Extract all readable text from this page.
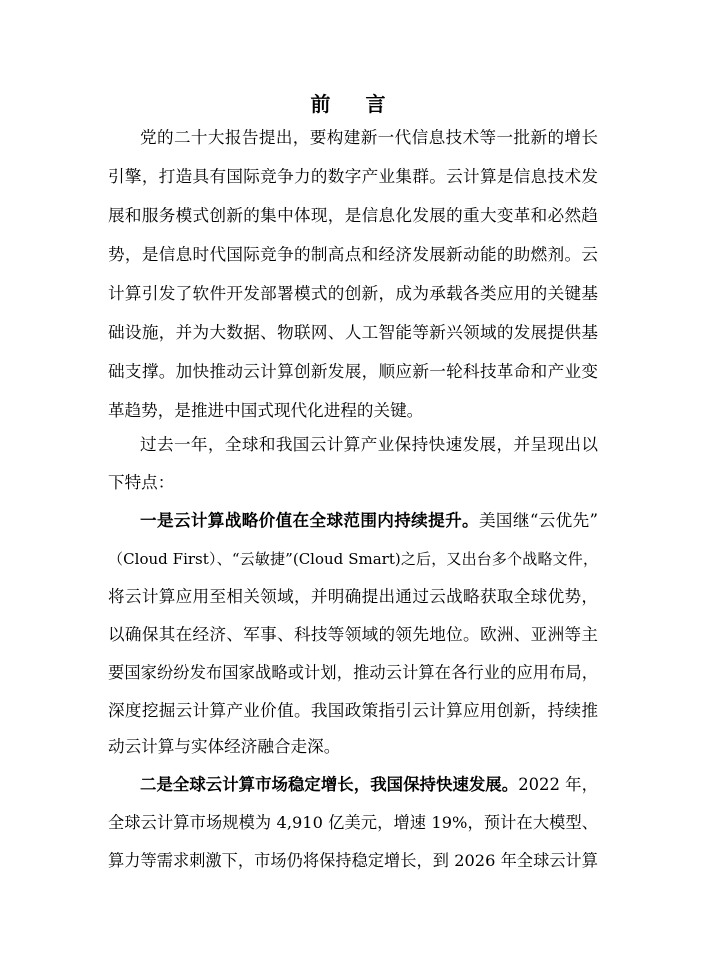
前 言
党的二十大报告提出，要构建新一代信息技术等一批新的增长
引擎，打造具有国际竞争力的数字产业集群。云计算是信息技术发
展和服务模式创新的集中体现，是信息化发展的重大变革和必然趋
势，是信息时代国际竞争的制高点和经济发展新动能的助燃剂。云
计算引发了软件开发部署模式的创新，成为承载各类应用的关键基
础设施，并为大数据、物联网、人工智能等新兴领域的发展提供基
础支撑。加快推动云计算创新发展，顺应新一轮科技革命和产业变
革趋势，是推进中国式现代化进程的关键。
过去一年，全球和我国云计算产业保持快速发展，并呈现出以
下特点：
一是云计算战略价值在全球范围内持续提升。美国继“云优先”
（Cloud First）、“云敏捷”(Cloud Smart)之后，又出台多个战略文件，
将云计算应用至相关领域，并明确提出通过云战略获取全球优势，
以确保其在经济、军事、科技等领域的领先地位。欧洲、亚洲等主
要国家纷纷发布国家战略或计划，推动云计算在各行业的应用布局，
深度挖掘云计算产业价值。我国政策指引云计算应用创新，持续推
动云计算与实体经济融合走深。
二是全球云计算市场稳定增长，我国保持快速发展。2022 年，
全球云计算市场规模为 4,910 亿美元，增速 19%，预计在大模型、
算力等需求刺激下，市场仍将保持稳定增长，到 2026 年全球云计算
